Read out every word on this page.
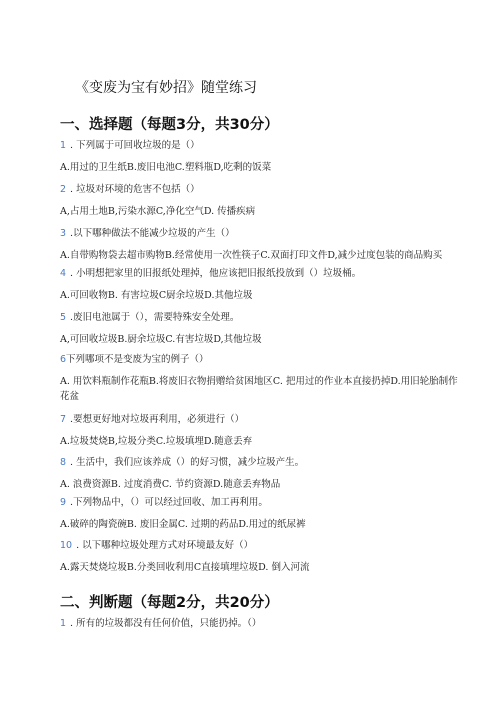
《变废为宝有妙招》随堂练习
一、选择题（每题3分，共30分）
1 . 下列属于可回收垃圾的是（）
A.用过的卫生纸B.废旧电池C.塑料瓶D,吃剩的饭菜
2 . 垃圾对环境的危害不包括（）
A,占用土地B,污染水源C,净化空气D. 传播疾病
3 .以下哪种做法不能减少垃圾的产生（）
A.自带购物袋去超市购物B.经常使用一次性筷子C.双面打印文件D,减少过度包装的商品购买
4 . 小明想把家里的旧报纸处理掉，他应该把旧报纸投放到（）垃圾桶。
A.可回收物B. 有害垃圾C厨余垃圾D.其他垃圾
5 .废旧电池属于（），需要特殊安全处理。
A,可回收垃圾B.厨余垃圾C.有害垃圾D,其他垃圾
6下列哪项不是变废为宝的例子（）
A. 用饮料瓶制作花瓶B.将废旧衣物捐赠给贫困地区C. 把用过的作业本直接扔掉D.用旧轮胎制作花盆
7 .要想更好地对垃圾再利用，必须进行（）
A.垃圾焚烧B,垃圾分类C.垃圾填埋D.随意丢弃
8 . 生活中，我们应该养成（）的好习惯，减少垃圾产生。
A. 浪费资源B. 过度消费C. 节约资源D.随意丢弃物品
9 .下列物品中，（）可以经过回收、加工再利用。
A.破碎的陶瓷碗B. 废旧金属C. 过期的药品D.用过的纸尿裤
10 . 以下哪种垃圾处理方式对环境最友好（）
A.露天焚烧垃圾B.分类回收利用C直接填埋垃圾D. 倒入河流
二、判断题（每题2分，共20分）
1 . 所有的垃圾都没有任何价值，只能扔掉。（）
